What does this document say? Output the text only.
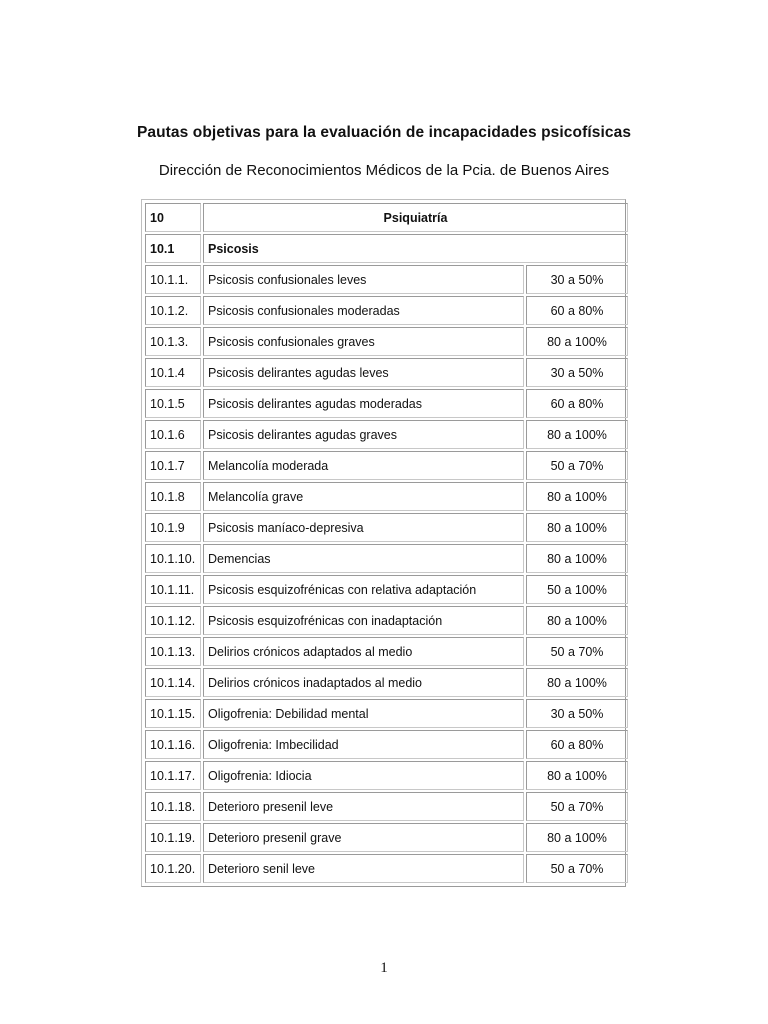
Pautas objetivas para la evaluación de incapacidades psicofísicas
Dirección de Reconocimientos Médicos de la Pcia. de Buenos Aires
10	Psiquiatría	
10.1	Psicosis	
10.1.1.	Psicosis confusionales leves	30 a 50%
10.1.2.	Psicosis confusionales moderadas	60 a 80%
10.1.3.	Psicosis confusionales graves	80 a 100%
10.1.4	Psicosis delirantes agudas leves	30 a 50%
10.1.5	Psicosis delirantes agudas moderadas	60 a 80%
10.1.6	Psicosis delirantes agudas graves	80 a 100%
10.1.7	Melancolía moderada	50 a 70%
10.1.8	Melancolía grave	80 a 100%
10.1.9	Psicosis maníaco-depresiva	80 a 100%
10.1.10.	Demencias	80 a 100%
10.1.11.	Psicosis esquizofrénicas con relativa adaptación	50 a 100%
10.1.12.	Psicosis esquizofrénicas con inadaptación	80 a 100%
10.1.13.	Delirios crónicos adaptados al medio	50 a 70%
10.1.14.	Delirios crónicos inadaptados al medio	80 a 100%
10.1.15.	Oligofrenia: Debilidad mental	30 a 50%
10.1.16.	Oligofrenia: Imbecilidad	60 a 80%
10.1.17.	Oligofrenia: Idiocia	80 a 100%
10.1.18.	Deterioro presenil leve	50 a 70%
10.1.19.	Deterioro presenil grave	80 a 100%
10.1.20.	Deterioro senil leve	50 a 70%
1
